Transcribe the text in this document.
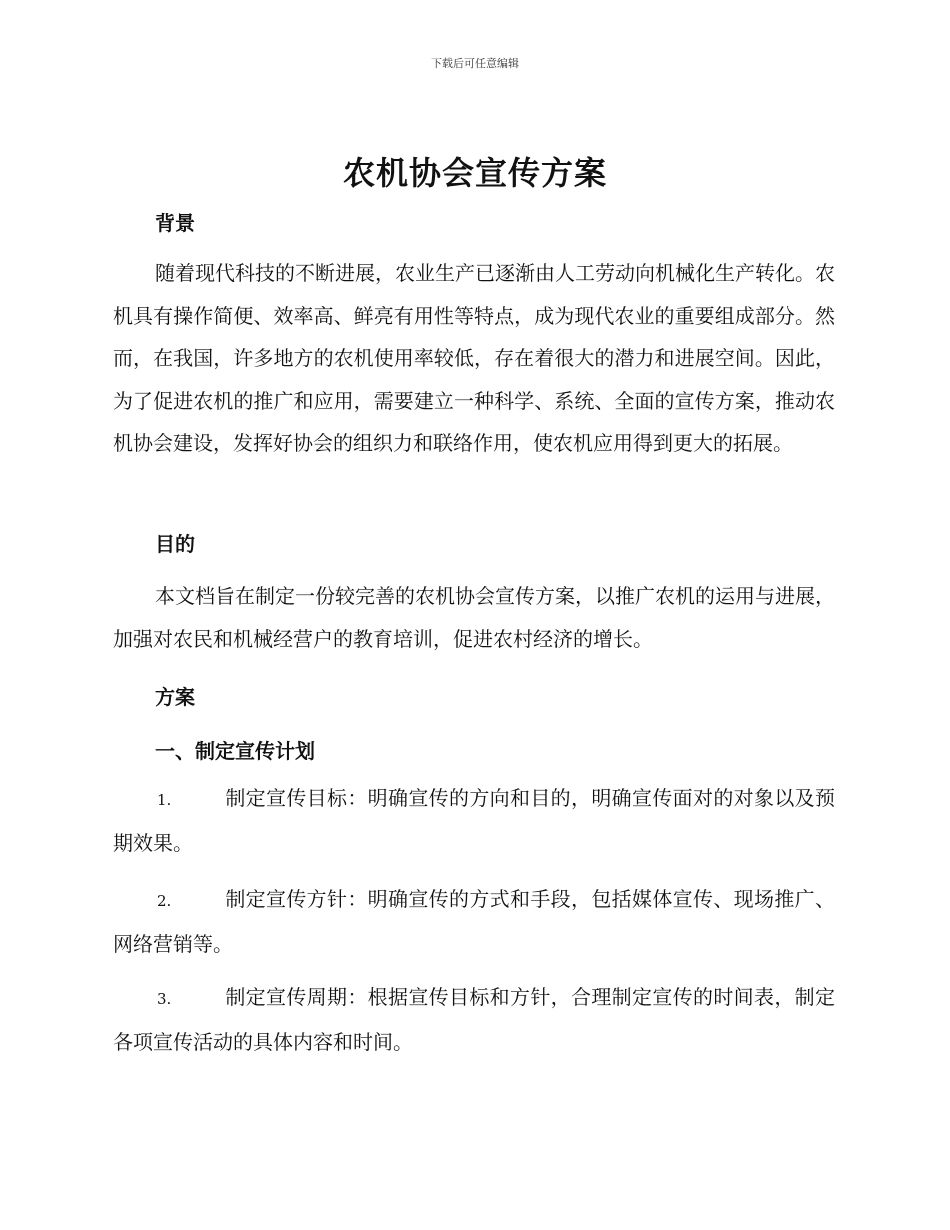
下载后可任意编辑
农机协会宣传方案
背景

随着现代科技的不断进展，农业生产已逐渐由人工劳动向机械化生产转化。农机具有操作简便、效率高、鲜亮有用性等特点，成为现代农业的重要组成部分。然而，在我国，许多地方的农机使用率较低，存在着很大的潜力和进展空间。因此，为了促进农机的推广和应用，需要建立一种科学、系统、全面的宣传方案，推动农机协会建设，发挥好协会的组织力和联络作用，使农机应用得到更大的拓展。

目的

本文档旨在制定一份较完善的农机协会宣传方案，以推广农机的运用与进展，加强对农民和机械经营户的教育培训，促进农村经济的增长。

方案
一、制定宣传计划

1.	制定宣传目标：明确宣传的方向和目的，明确宣传面对的对象以及预期效果。

2.	制定宣传方针：明确宣传的方式和手段，包括媒体宣传、现场推广、网络营销等。

3.	制定宣传周期：根据宣传目标和方针，合理制定宣传的时间表，制定各项宣传活动的具体内容和时间。
